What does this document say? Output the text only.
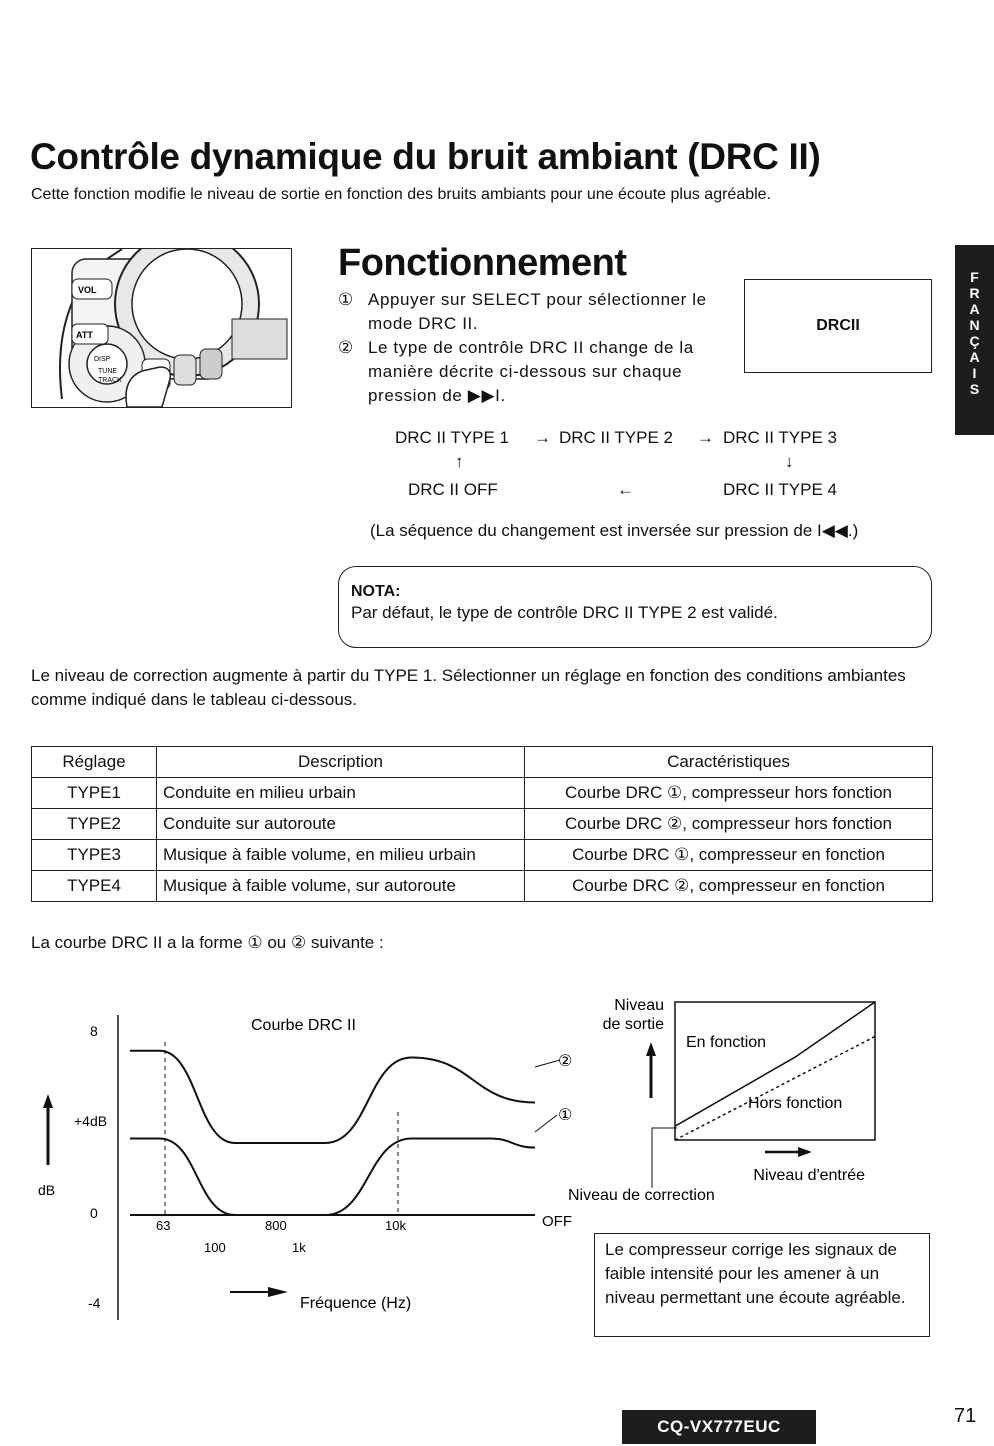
Contrôle dynamique du bruit ambiant (DRC II)
Cette fonction modifie le niveau de sortie en fonction des bruits ambiants pour une écoute plus agréable.
F
R
A
N
Ç
A
I
S
VOL
ATT
DISP
TUNE
TRACK
Fonctionnement
① Appuyer sur SELECT pour sélectionner le mode DRC II.
② Le type de contrôle DRC II change de la manière décrite ci-dessous sur chaque pression de ▶▶I.
DRCII
DRC II TYPE 1 → DRC II TYPE 2 → DRC II TYPE 3
↑	↓
DRC II OFF	←	DRC II TYPE 4
(La séquence du changement est inversée sur pression de I◀◀.)
NOTA:
Par défaut, le type de contrôle DRC II TYPE 2 est validé.
Le niveau de correction augmente à partir du TYPE 1. Sélectionner un réglage en fonction des conditions ambiantes comme indiqué dans le tableau ci-dessous.
Réglage	Description	Caractéristiques
TYPE1	Conduite en milieu urbain	Courbe DRC ①, compresseur hors fonction
TYPE2	Conduite sur autoroute	Courbe DRC ②, compresseur hors fonction
TYPE3	Musique à faible volume, en milieu urbain	Courbe DRC ①, compresseur en fonction
TYPE4	Musique à faible volume, sur autoroute	Courbe DRC ②, compresseur en fonction
La courbe DRC II a la forme ① ou ② suivante :
dB
8
+4dB
0
-4
Courbe DRC II
63	800	10k
100	1k
②
①
OFF
Fréquence (Hz)
Niveau
de sortie
En fonction
Hors fonction
Niveau d'entrée
Niveau de correction
Le compresseur corrige les signaux de faible intensité pour les amener à un niveau permettant une écoute agréable.
71
CQ-VX777EUC
